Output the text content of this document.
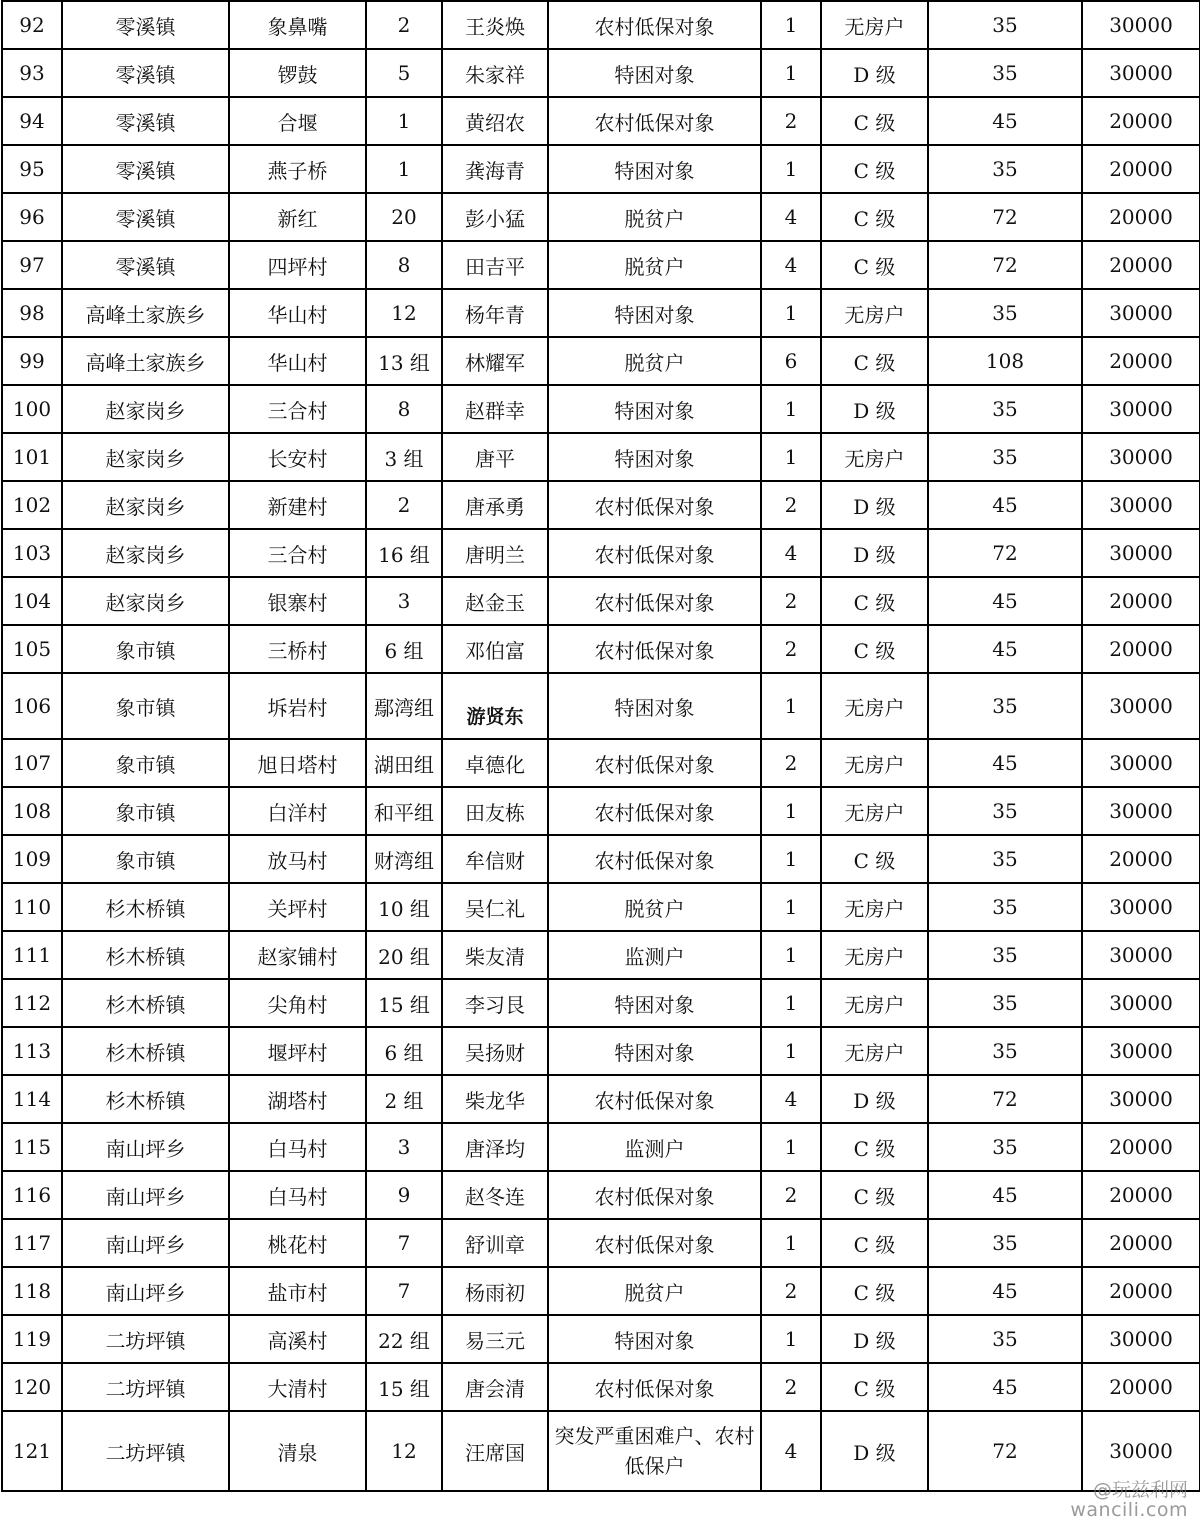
92	零溪镇	象鼻嘴	2	王炎焕	农村低保对象	1	无房户	35	30000
93	零溪镇	锣鼓	5	朱家祥	特困对象	1	D 级	35	30000
94	零溪镇	合堰	1	黄绍农	农村低保对象	2	C 级	45	20000
95	零溪镇	燕子桥	1	龚海青	特困对象	1	C 级	35	20000
96	零溪镇	新红	20	彭小猛	脱贫户	4	C 级	72	20000
97	零溪镇	四坪村	8	田吉平	脱贫户	4	C 级	72	20000
98	高峰土家族乡	华山村	12	杨年青	特困对象	1	无房户	35	30000
99	高峰土家族乡	华山村	13 组	林耀军	脱贫户	6	C 级	108	20000
100	赵家岗乡	三合村	8	赵群幸	特困对象	1	D 级	35	30000
101	赵家岗乡	长安村	3 组	唐平	特困对象	1	无房户	35	30000
102	赵家岗乡	新建村	2	唐承勇	农村低保对象	2	D 级	45	30000
103	赵家岗乡	三合村	16 组	唐明兰	农村低保对象	4	D 级	72	30000
104	赵家岗乡	银寨村	3	赵金玉	农村低保对象	2	C 级	45	20000
105	象市镇	三桥村	6 组	邓伯富	农村低保对象	2	C 级	45	20000
106	象市镇	坼岩村	鄢湾组	游贤东	特困对象	1	无房户	35	30000
107	象市镇	旭日塔村	湖田组	卓德化	农村低保对象	2	无房户	45	30000
108	象市镇	白洋村	和平组	田友栋	农村低保对象	1	无房户	35	30000
109	象市镇	放马村	财湾组	牟信财	农村低保对象	1	C 级	35	20000
110	杉木桥镇	关坪村	10 组	吴仁礼	脱贫户	1	无房户	35	30000
111	杉木桥镇	赵家铺村	20 组	柴友清	监测户	1	无房户	35	30000
112	杉木桥镇	尖角村	15 组	李习艮	特困对象	1	无房户	35	30000
113	杉木桥镇	堰坪村	6 组	吴扬财	特困对象	1	无房户	35	30000
114	杉木桥镇	湖塔村	2 组	柴龙华	农村低保对象	4	D 级	72	30000
115	南山坪乡	白马村	3	唐泽均	监测户	1	C 级	35	20000
116	南山坪乡	白马村	9	赵冬连	农村低保对象	2	C 级	45	20000
117	南山坪乡	桃花村	7	舒训章	农村低保对象	1	C 级	35	20000
118	南山坪乡	盐市村	7	杨雨初	脱贫户	2	C 级	45	20000
119	二坊坪镇	高溪村	22 组	易三元	特困对象	1	D 级	35	30000
120	二坊坪镇	大清村	15 组	唐会清	农村低保对象	2	C 级	45	20000
121	二坊坪镇	清泉	12	汪席国	突发严重困难户、农村低保户	4	D 级	72	30000
@玩兹利网
wancili.com
